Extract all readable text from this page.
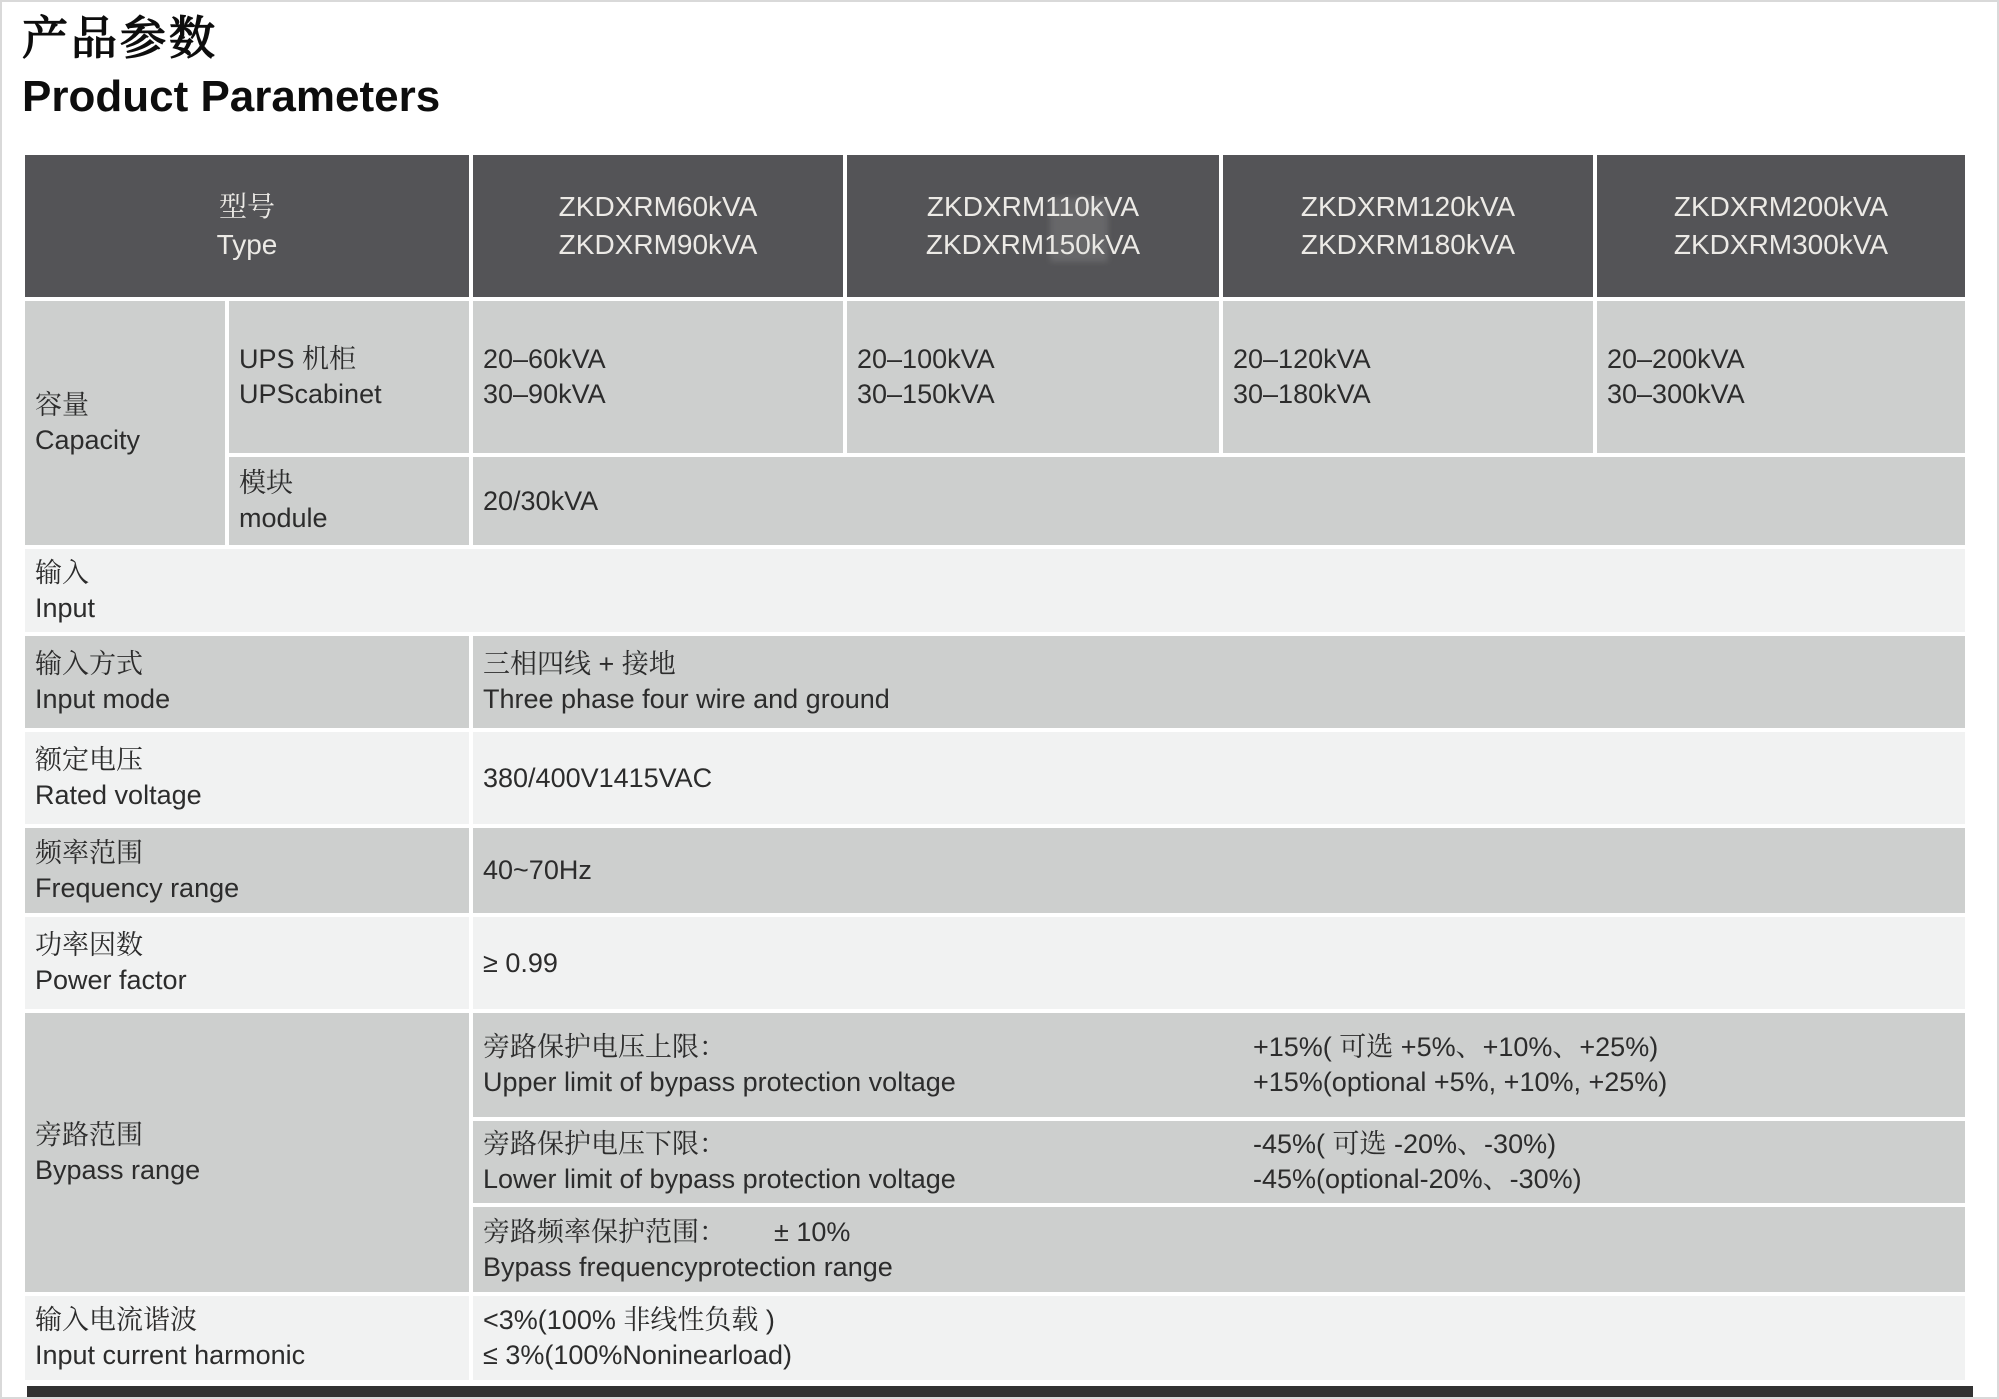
产品参数
Product Parameters
型号
Type
ZKDXRM60kVA
ZKDXRM90kVA
ZKDXRM110kVA
ZKDXRM150kVA
ZKDXRM120kVA
ZKDXRM180kVA
ZKDXRM200kVA
ZKDXRM300kVA
容量
Capacity
UPS 机柜
UPScabinet
20–60kVA
30–90kVA
20–100kVA
30–150kVA
20–120kVA
30–180kVA
20–200kVA
30–300kVA
模块
module
20/30kVA
输入
Input
输入方式
Input mode
三相四线 + 接地
Three phase four wire and ground
额定电压
Rated voltage
380/400V1415VAC
频率范围
Frequency range
40~70Hz
功率因数
Power factor
≥ 0.99
旁路范围
Bypass range
旁路保护电压上限：
Upper limit of bypass protection voltage
+15%( 可选 +5%、+10%、+25%)
+15%(optional +5%, +10%, +25%)
旁路保护电压下限：
Lower limit of bypass protection voltage
-45%( 可选 -20%、-30%)
-45%(optional-20%、-30%)
旁路频率保护范围： ± 10%
Bypass frequencyprotection range
输入电流谐波
Input current harmonic
<3%(100% 非线性负载 )
≤ 3%(100%Noninearload)
